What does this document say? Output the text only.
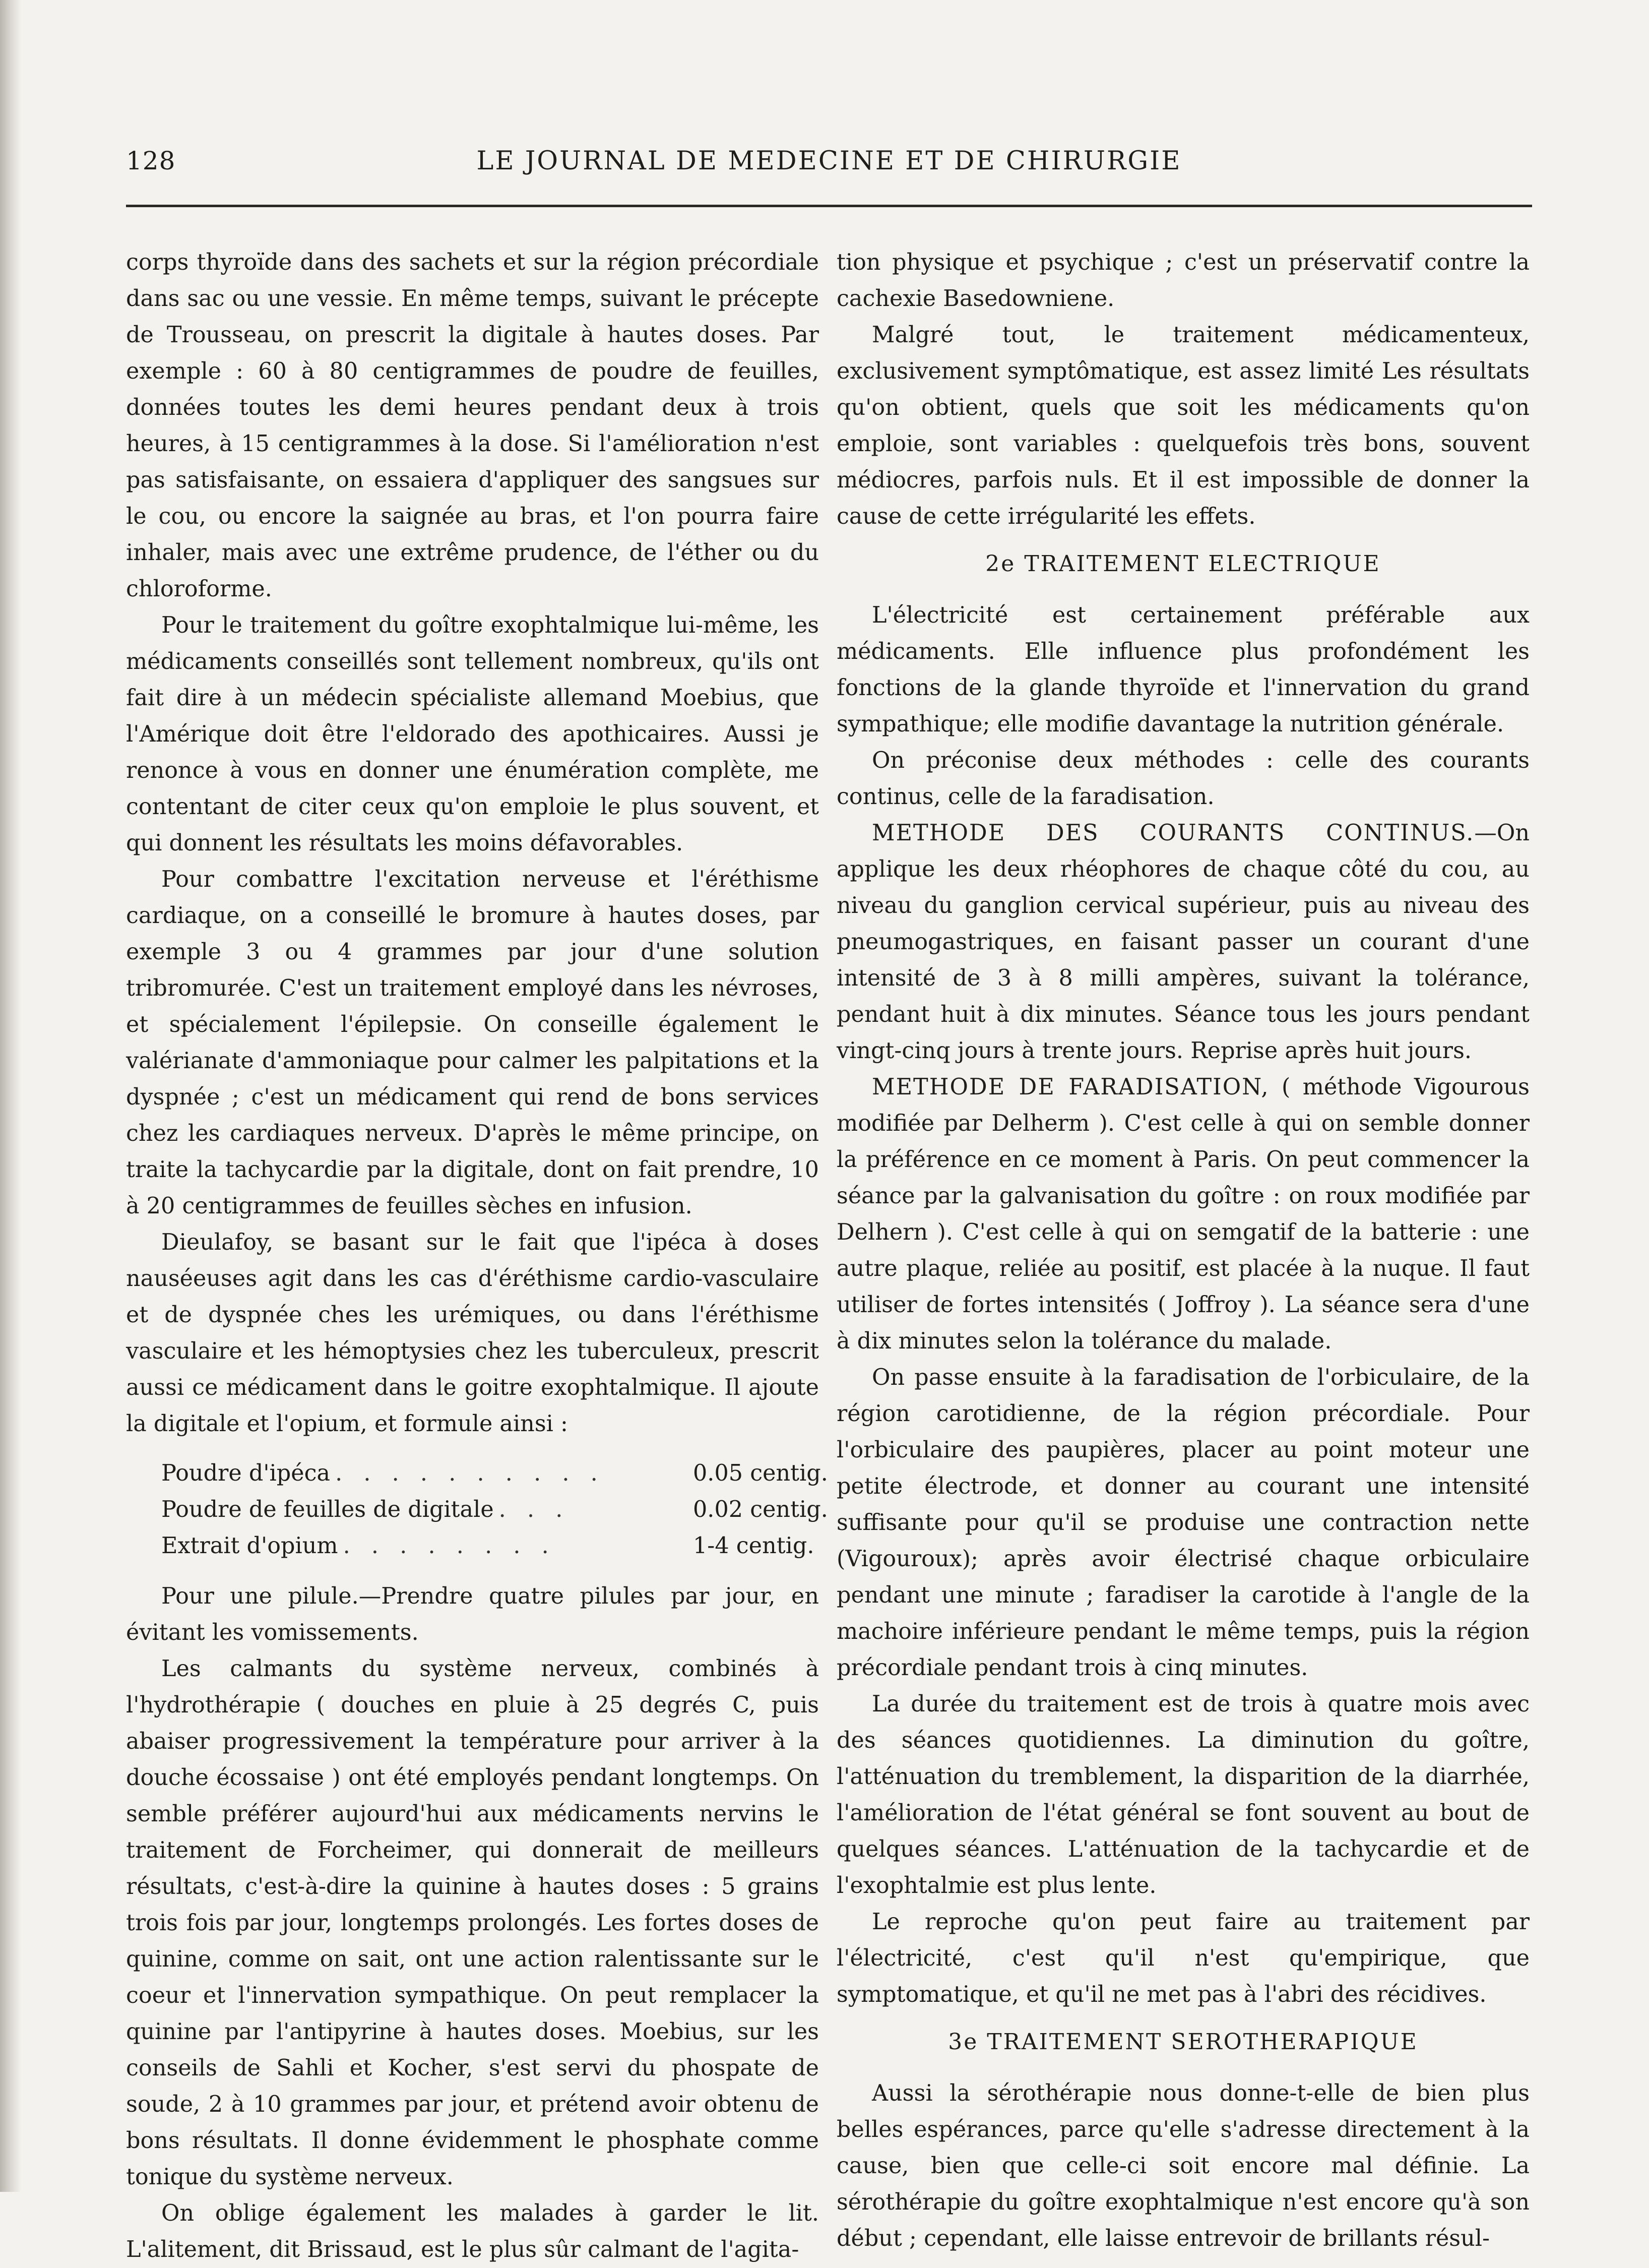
128	LE JOURNAL DE MEDECINE ET DE CHIRURGIE

corps thyroïde dans des sachets et sur la région précordiale dans sac ou une vessie. En même temps, suivant le précepte de Trousseau, on prescrit la digitale à hautes doses. Par exemple : 60 à 80 centigrammes de poudre de feuilles, données toutes les demi heures pendant deux à trois heures, à 15 centigrammes à la dose. Si l'amélioration n'est pas satisfaisante, on essaiera d'appliquer des sangsues sur le cou, ou encore la saignée au bras, et l'on pourra faire inhaler, mais avec une extrême prudence, de l'éther ou du chloroforme.

Pour le traitement du goître exophtalmique lui-même, les médicaments conseillés sont tellement nombreux, qu'ils ont fait dire à un médecin spécialiste allemand Moebius, que l'Amérique doit être l'eldorado des apothicaires. Aussi je renonce à vous en donner une énumération complète, me contentant de citer ceux qu'on emploie le plus souvent, et qui donnent les résultats les moins défavorables.

Pour combattre l'excitation nerveuse et l'éréthisme cardiaque, on a conseillé le bromure à hautes doses, par exemple 3 ou 4 grammes par jour d'une solution tribromurée. C'est un traitement employé dans les névroses, et spécialement l'épilepsie. On conseille également le valérianate d'ammoniaque pour calmer les palpitations et la dyspnée ; c'est un médicament qui rend de bons services chez les cardiaques nerveux. D'après le même principe, on traite la tachycardie par la digitale, dont on fait prendre, 10 à 20 centigrammes de feuilles sèches en infusion.

Dieulafoy, se basant sur le fait que l'ipéca à doses nauséeuses agit dans les cas d'éréthisme cardio-vasculaire et de dyspnée ches les urémiques, ou dans l'éréthisme vasculaire et les hémoptysies chez les tuberculeux, prescrit aussi ce médicament dans le goitre exophtalmique. Il ajoute la digitale et l'opium, et formule ainsi :

Poudre d'ipéca . . . . . . . . . .	0.05 centig.
Poudre de feuilles de digitale . . .	0.02 centig.
Extrait d'opium . . . . . . . .	1-4 centig.

Pour une pilule.—Prendre quatre pilules par jour, en évitant les vomissements.

Les calmants du système nerveux, combinés à l'hydrothérapie ( douches en pluie à 25 degrés C, puis abaiser progressivement la température pour arriver à la douche écossaise ) ont été employés pendant longtemps. On semble préférer aujourd'hui aux médicaments nervins le traitement de Forcheimer, qui donnerait de meilleurs résultats, c'est-à-dire la quinine à hautes doses : 5 grains trois fois par jour, longtemps prolongés. Les fortes doses de quinine, comme on sait, ont une action ralentissante sur le coeur et l'innervation sympathique. On peut remplacer la quinine par l'antipyrine à hautes doses. Moebius, sur les conseils de Sahli et Kocher, s'est servi du phospate de soude, 2 à 10 grammes par jour, et prétend avoir obtenu de bons résultats. Il donne évidemment le phosphate comme tonique du système nerveux.

On oblige également les malades à garder le lit. L'alitement, dit Brissaud, est le plus sûr calmant de l'agita-

tion physique et psychique ; c'est un préservatif contre la cachexie Basedowniene.

Malgré tout, le traitement médicamenteux, exclusivement symptômatique, est assez limité Les résultats qu'on obtient, quels que soit les médicaments qu'on emploie, sont variables : quelquefois très bons, souvent médiocres, parfois nuls. Et il est impossible de donner la cause de cette irrégularité les effets.

2e TRAITEMENT ELECTRIQUE

L'électricité est certainement préférable aux médicaments. Elle influence plus profondément les fonctions de la glande thyroïde et l'innervation du grand sympathique; elle modifie davantage la nutrition générale.

On préconise deux méthodes : celle des courants continus, celle de la faradisation.

METHODE DES COURANTS CONTINUS.—On applique les deux rhéophores de chaque côté du cou, au niveau du ganglion cervical supérieur, puis au niveau des pneumogastriques, en faisant passer un courant d'une intensité de 3 à 8 milli ampères, suivant la tolérance, pendant huit à dix minutes. Séance tous les jours pendant vingt-cinq jours à trente jours. Reprise après huit jours.

METHODE DE FARADISATION, ( méthode Vigourous modifiée par Delherm ). C'est celle à qui on semble donner la préférence en ce moment à Paris. On peut commencer la séance par la galvanisation du goître : on roux modifiée par Delhern ). C'est celle à qui on semgatif de la batterie : une autre plaque, reliée au positif, est placée à la nuque. Il faut utiliser de fortes intensités ( Joffroy ). La séance sera d'une à dix minutes selon la tolérance du malade.

On passe ensuite à la faradisation de l'orbiculaire, de la région carotidienne, de la région précordiale. Pour l'orbiculaire des paupières, placer au point moteur une petite électrode, et donner au courant une intensité suffisante pour qu'il se produise une contraction nette (Vigouroux); après avoir électrisé chaque orbiculaire pendant une minute ; faradiser la carotide à l'angle de la machoire inférieure pendant le même temps, puis la région précordiale pendant trois à cinq minutes.

La durée du traitement est de trois à quatre mois avec des séances quotidiennes. La diminution du goître, l'atténuation du tremblement, la disparition de la diarrhée, l'amélioration de l'état général se font souvent au bout de quelques séances. L'atténuation de la tachycardie et de l'exophtalmie est plus lente.

Le reproche qu'on peut faire au traitement par l'électricité, c'est qu'il n'est qu'empirique, que symptomatique, et qu'il ne met pas à l'abri des récidives.

3e TRAITEMENT SEROTHERAPIQUE

Aussi la sérothérapie nous donne-t-elle de bien plus belles espérances, parce qu'elle s'adresse directement à la cause, bien que celle-ci soit encore mal définie. La sérothérapie du goître exophtalmique n'est encore qu'à son début ; cependant, elle laisse entrevoir de brillants résul-
